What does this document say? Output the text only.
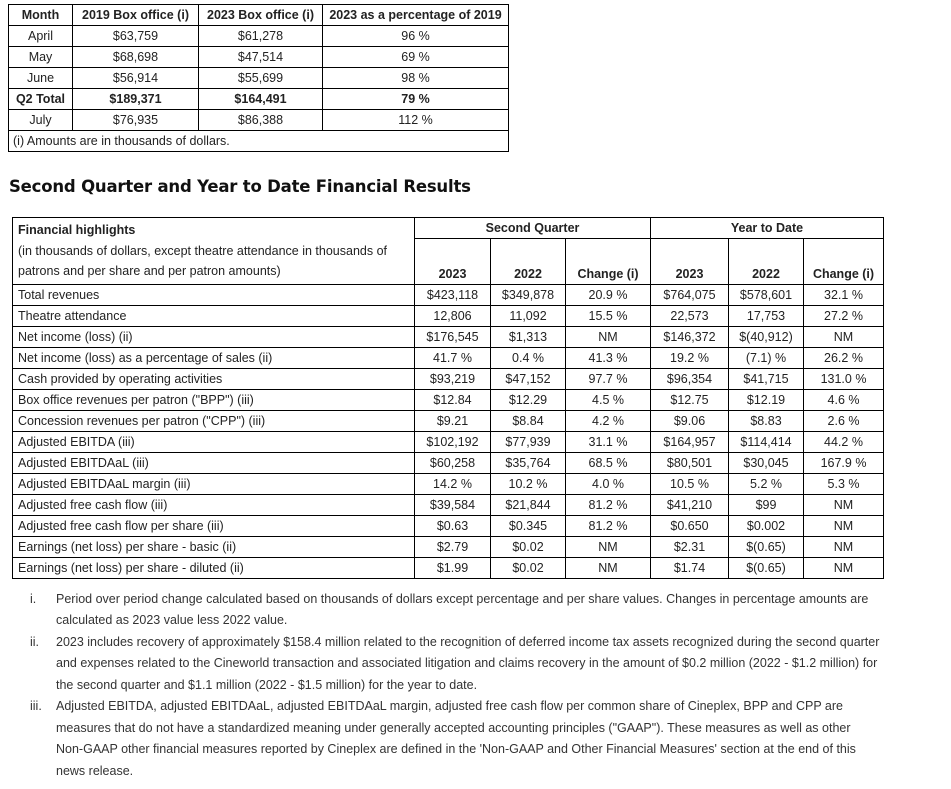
Month	2019 Box office (i)	2023 Box office (i)	2023 as a percentage of 2019
April	$63,759	$61,278	96 %
May	$68,698	$47,514	69 %
June	$56,914	$55,699	98 %
Q2 Total	$189,371	$164,491	79 %
July	$76,935	$86,388	112 %
(i) Amounts are in thousands of dollars.			
Second Quarter and Year to Date Financial Results
Financial highlights
(in thousands of dollars, except theatre attendance in thousands of patrons and per share and per patron amounts)	Second Quarter			Year to Date		
	2023	2022	Change (i)	2023	2022	Change (i)
Total revenues	$423,118	$349,878	20.9 %	$764,075	$578,601	32.1 %
Theatre attendance	12,806	11,092	15.5 %	22,573	17,753	27.2 %
Net income (loss) (ii)	$176,545	$1,313	NM	$146,372	$(40,912)	NM
Net income (loss) as a percentage of sales (ii)	41.7 %	0.4 %	41.3 %	19.2 %	(7.1) %	26.2 %
Cash provided by operating activities	$93,219	$47,152	97.7 %	$96,354	$41,715	131.0 %
Box office revenues per patron ("BPP") (iii)	$12.84	$12.29	4.5 %	$12.75	$12.19	4.6 %
Concession revenues per patron ("CPP") (iii)	$9.21	$8.84	4.2 %	$9.06	$8.83	2.6 %
Adjusted EBITDA (iii)	$102,192	$77,939	31.1 %	$164,957	$114,414	44.2 %
Adjusted EBITDAaL (iii)	$60,258	$35,764	68.5 %	$80,501	$30,045	167.9 %
Adjusted EBITDAaL margin (iii)	14.2 %	10.2 %	4.0 %	10.5 %	5.2 %	5.3 %
Adjusted free cash flow (iii)	$39,584	$21,844	81.2 %	$41,210	$99	NM
Adjusted free cash flow per share (iii)	$0.63	$0.345	81.2 %	$0.650	$0.002	NM
Earnings (net loss) per share - basic (ii)	$2.79	$0.02	NM	$2.31	$(0.65)	NM
Earnings (net loss) per share - diluted (ii)	$1.99	$0.02	NM	$1.74	$(0.65)	NM
i.	Period over period change calculated based on thousands of dollars except percentage and per share values. Changes in percentage amounts are calculated as 2023 value less 2022 value.
ii.	2023 includes recovery of approximately $158.4 million related to the recognition of deferred income tax assets recognized during the second quarter and expenses related to the Cineworld transaction and associated litigation and claims recovery in the amount of $0.2 million (2022 - $1.2 million) for the second quarter and $1.1 million (2022 - $1.5 million) for the year to date.
iii.	Adjusted EBITDA, adjusted EBITDAaL, adjusted EBITDAaL margin, adjusted free cash flow per common share of Cineplex, BPP and CPP are measures that do not have a standardized meaning under generally accepted accounting principles ("GAAP"). These measures as well as other Non-GAAP other financial measures reported by Cineplex are defined in the 'Non-GAAP and Other Financial Measures' section at the end of this news release.
